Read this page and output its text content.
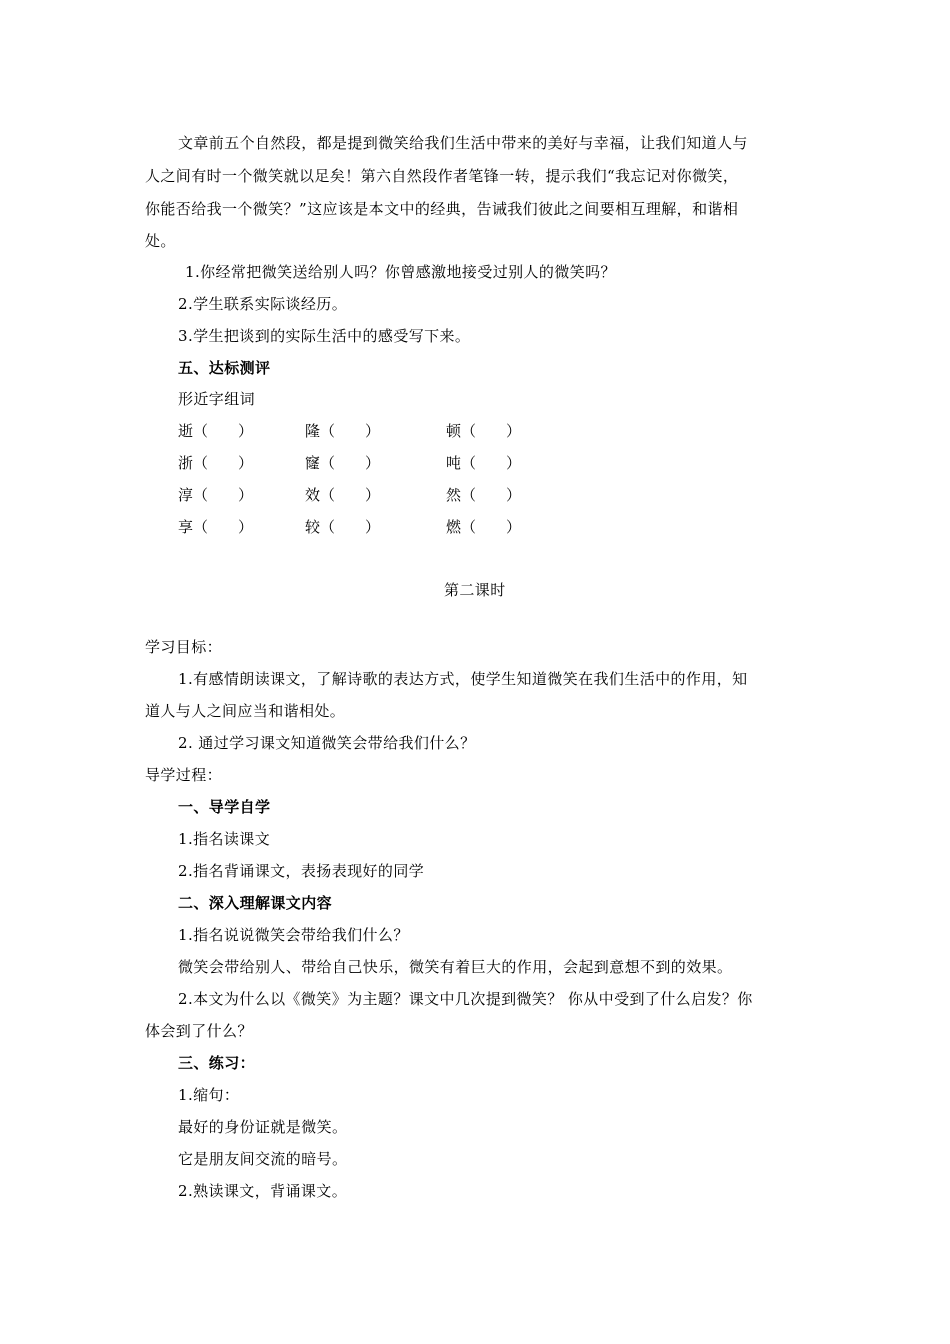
文章前五个自然段，都是提到微笑给我们生活中带来的美好与幸福，让我们知道人与
人之间有时一个微笑就以足矣！第六自然段作者笔锋一转，提示我们“我忘记对你微笑，
你能否给我一个微笑？”这应该是本文中的经典，告诫我们彼此之间要相互理解，和谐相
处。
1.你经常把微笑送给别人吗？你曾感激地接受过别人的微笑吗？
2.学生联系实际谈经历。
3.学生把谈到的实际生活中的感受写下来。
五、达标测评
形近字组词
逝（　　）	隆（　　）	顿（　　）
浙（　　）	窿（　　）	吨（　　）
淳（　　）	效（　　）	然（　　）
享（　　）	较（　　）	燃（　　）
第二课时
学习目标：
1.有感情朗读课文，了解诗歌的表达方式，使学生知道微笑在我们生活中的作用，知
道人与人之间应当和谐相处。
2. 通过学习课文知道微笑会带给我们什么？
导学过程：
一、导学自学
1.指名读课文
2.指名背诵课文，表扬表现好的同学
二、深入理解课文内容
1.指名说说微笑会带给我们什么？
微笑会带给别人、带给自己快乐，微笑有着巨大的作用，会起到意想不到的效果。
2.本文为什么以《微笑》为主题？课文中几次提到微笑？ 你从中受到了什么启发？你
体会到了什么？
三、练习：
1.缩句：
最好的身份证就是微笑。
它是朋友间交流的暗号。
2.熟读课文，背诵课文。
